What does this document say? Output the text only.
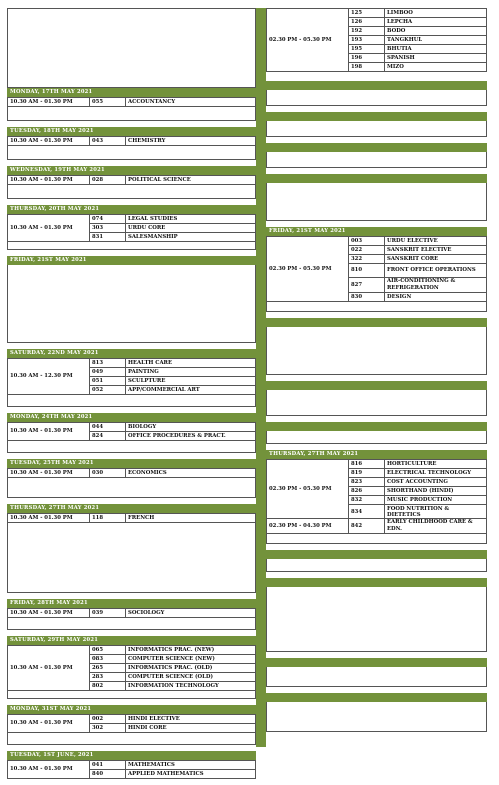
MONDAY, 17TH MAY 2021
10.30 AM - 01.30 PM	055	ACCOUNTANCY
TUESDAY, 18TH MAY 2021
10.30 AM - 01.30 PM	043	CHEMISTRY
WEDNESDAY, 19TH MAY 2021
10.30 AM - 01.30 PM	028	POLITICAL SCIENCE
THURSDAY, 20TH MAY 2021
10.30 AM - 01.30 PM	074	LEGAL STUDIES
	303	URDU CORE
	831	SALESMANSHIP
FRIDAY, 21ST MAY 2021
SATURDAY, 22ND MAY 2021
10.30 AM - 12.30 PM	813	HEALTH CARE
	049	PAINTING
	051	SCULPTURE
	052	APP/COMMERCIAL ART
MONDAY, 24TH MAY 2021
10.30 AM - 01.30 PM	044	BIOLOGY
	824	OFFICE PROCEDURES & PRACT.
TUESDAY, 25TH MAY 2021
10.30 AM - 01.30 PM	030	ECONOMICS
THURSDAY, 27TH MAY 2021
10.30 AM - 01.30 PM	118	FRENCH
FRIDAY, 28TH MAY 2021
10.30 AM - 01.30 PM	039	SOCIOLOGY
SATURDAY, 29TH MAY 2021
10.30 AM - 01.30 PM	065	INFORMATICS PRAC. (NEW)
	083	COMPUTER SCIENCE (NEW)
	265	INFORMATICS PRAC. (OLD)
	283	COMPUTER SCIENCE (OLD)
	802	INFORMATION TECHNOLOGY
MONDAY, 31ST MAY 2021
10.30 AM - 01.30 PM	002	HINDI ELECTIVE
	302	HINDI CORE
TUESDAY, 1ST JUNE, 2021
10.30 AM - 01.30 PM	041	MATHEMATICS
	840	APPLIED MATHEMATICS
02.30 PM - 05.30 PM	125	LIMBOO
	126	LEPCHA
	192	BODO
	193	TANGKHUL
	195	BHUTIA
	196	SPANISH
	198	MIZO
FRIDAY, 21ST MAY 2021
02.30 PM - 05.30 PM	003	URDU ELECTIVE
	022	SANSKRIT ELECTIVE
	322	SANSKRIT CORE
	810	FRONT OFFICE OPERATIONS
	827	AIR-CONDITIONING & REFRIGERATION
	830	DESIGN
THURSDAY, 27TH MAY 2021
02.30 PM - 05.30 PM	816	HORTICULTURE
	819	ELECTRICAL TECHNOLOGY
	823	COST ACCOUNTING
	826	SHORTHAND (HINDI)
	832	MUSIC PRODUCTION
	834	FOOD NUTRITION & DIETETICS
02.30 PM - 04.30 PM	842	EARLY CHILDHOOD CARE & EDN.
